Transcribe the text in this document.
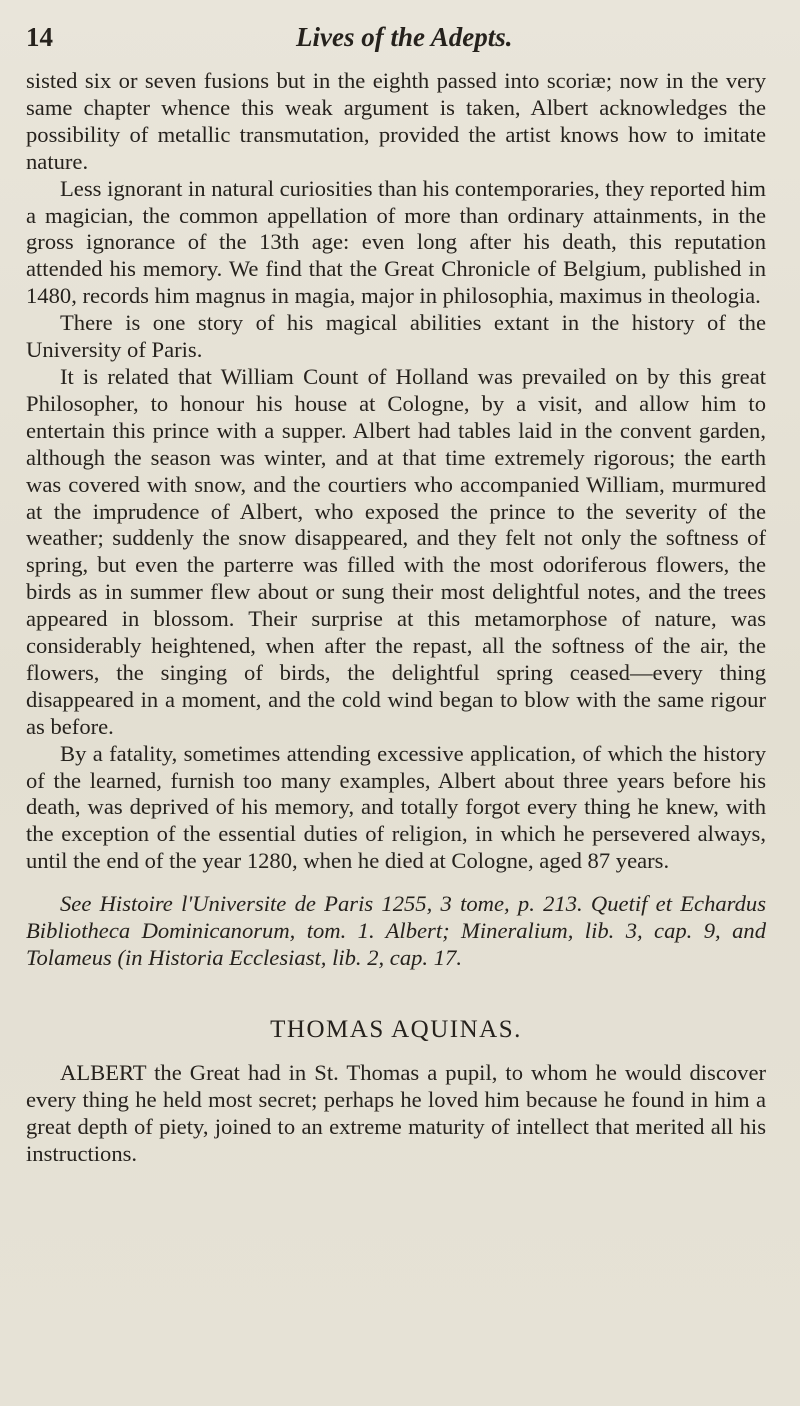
14	Lives of the Adepts.

sisted six or seven fusions but in the eighth passed into scoriæ; now in the very same chapter whence this weak argument is taken, Albert acknowledges the possibility of metallic transmutation, provided the artist knows how to imitate nature.

Less ignorant in natural curiosities than his contemporaries, they reported him a magician, the common appellation of more than ordinary attainments, in the gross ignorance of the 13th age: even long after his death, this reputation attended his memory. We find that the Great Chronicle of Belgium, published in 1480, records him magnus in magia, major in philosophia, maximus in theologia.

There is one story of his magical abilities extant in the history of the University of Paris.

It is related that William Count of Holland was prevailed on by this great Philosopher, to honour his house at Cologne, by a visit, and allow him to entertain this prince with a supper. Albert had tables laid in the convent garden, although the season was winter, and at that time extremely rigorous; the earth was covered with snow, and the courtiers who accompanied William, murmured at the imprudence of Albert, who exposed the prince to the severity of the weather; suddenly the snow disappeared, and they felt not only the softness of spring, but even the parterre was filled with the most odoriferous flowers, the birds as in summer flew about or sung their most delightful notes, and the trees appeared in blossom. Their surprise at this metamorphose of nature, was considerably heightened, when after the repast, all the softness of the air, the flowers, the singing of birds, the delightful spring ceased—every thing disappeared in a moment, and the cold wind began to blow with the same rigour as before.

By a fatality, sometimes attending excessive application, of which the history of the learned, furnish too many examples, Albert about three years before his death, was deprived of his memory, and totally forgot every thing he knew, with the exception of the essential duties of religion, in which he persevered always, until the end of the year 1280, when he died at Cologne, aged 87 years.

See Histoire l'Universite de Paris 1255, 3 tome, p. 213. Quetif et Echardus Bibliotheca Dominicanorum, tom. 1. Albert; Mineralium, lib. 3, cap. 9, and Tolameus (in Historia Ecclesiast, lib. 2, cap. 17.

THOMAS AQUINAS.

ALBERT the Great had in St. Thomas a pupil, to whom he would discover every thing he held most secret; perhaps he loved him because he found in him a great depth of piety, joined to an extreme maturity of intellect that merited all his instructions.
